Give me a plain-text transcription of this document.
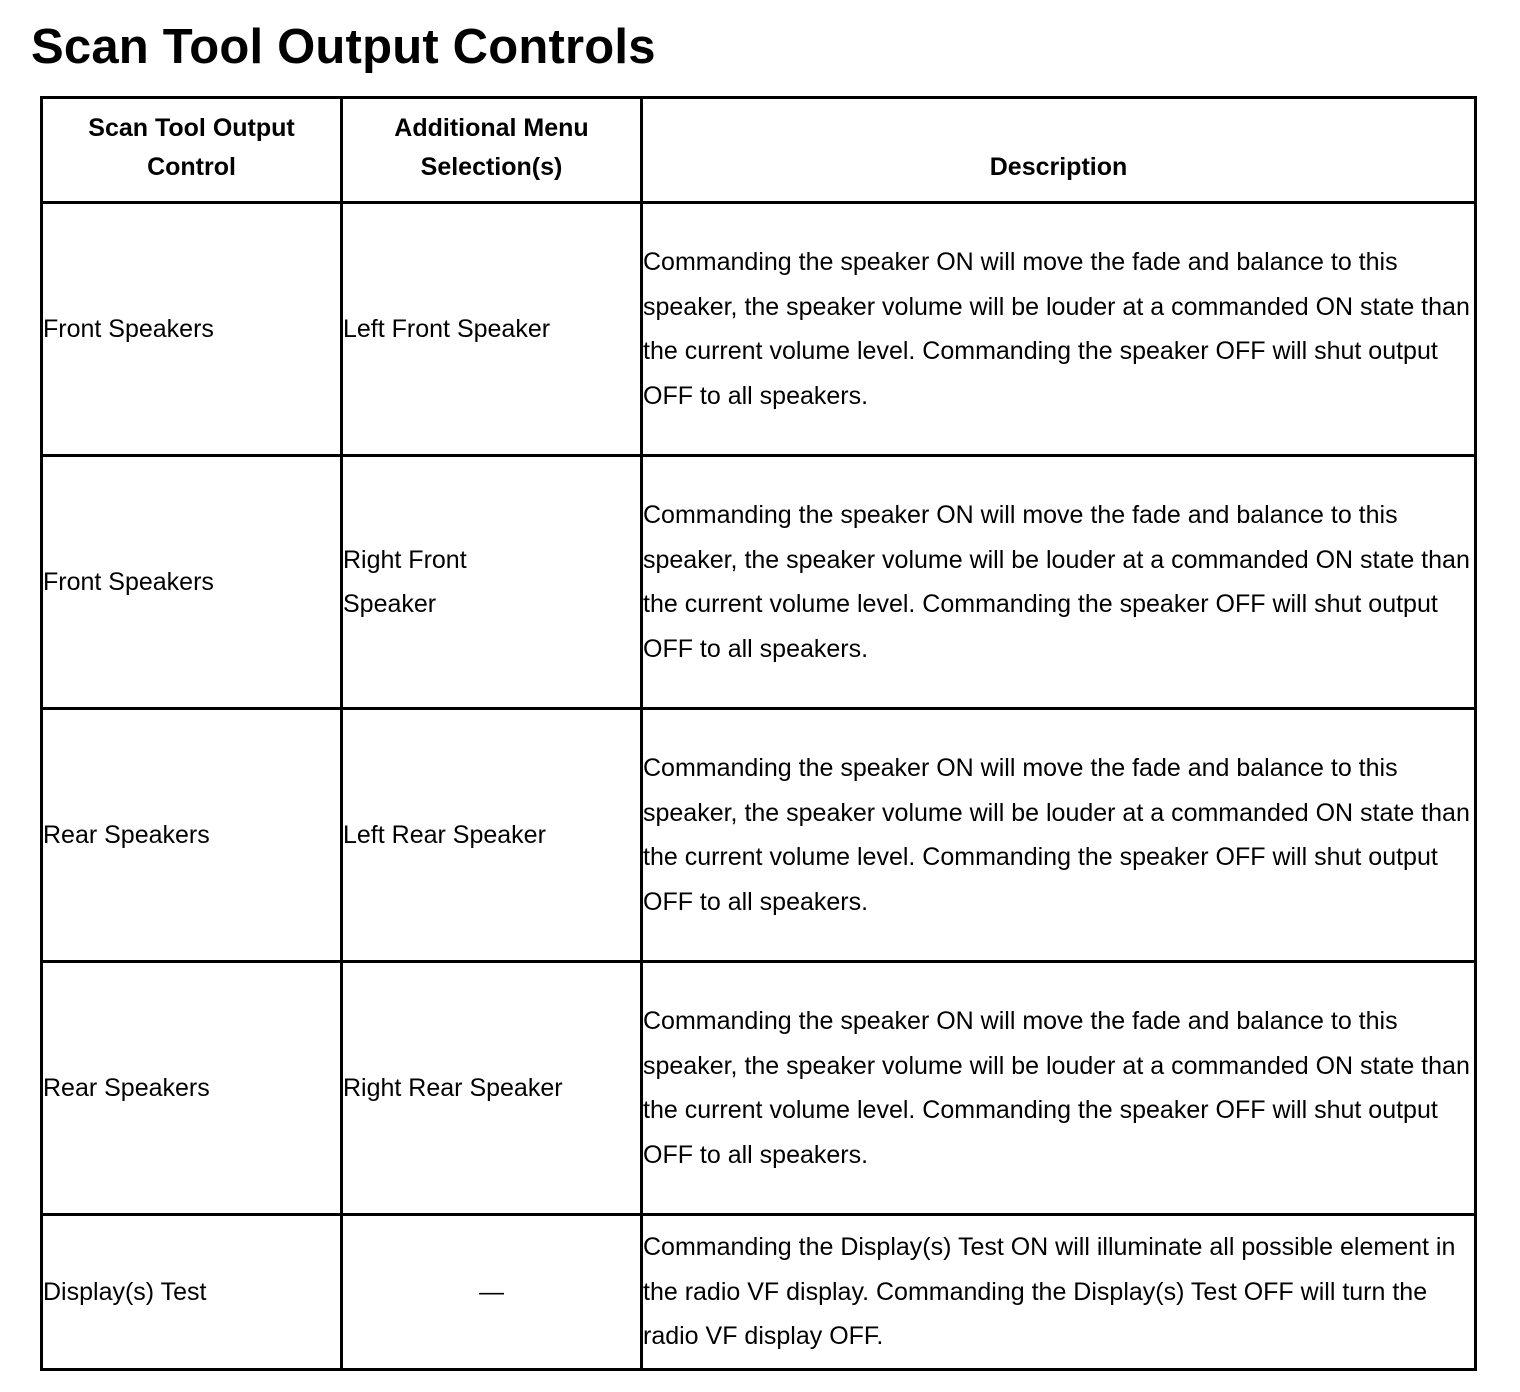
Scan Tool Output Controls
Scan Tool Output Control	Additional Menu Selection(s)	Description
Front Speakers	Left Front Speaker	Commanding the speaker ON will move the fade and balance to this speaker, the speaker volume will be louder at a commanded ON state than the current volume level. Commanding the speaker OFF will shut output OFF to all speakers.
Front Speakers	Right Front Speaker	Commanding the speaker ON will move the fade and balance to this speaker, the speaker volume will be louder at a commanded ON state than the current volume level. Commanding the speaker OFF will shut output OFF to all speakers.
Rear Speakers	Left Rear Speaker	Commanding the speaker ON will move the fade and balance to this speaker, the speaker volume will be louder at a commanded ON state than the current volume level. Commanding the speaker OFF will shut output OFF to all speakers.
Rear Speakers	Right Rear Speaker	Commanding the speaker ON will move the fade and balance to this speaker, the speaker volume will be louder at a commanded ON state than the current volume level. Commanding the speaker OFF will shut output OFF to all speakers.
Display(s) Test	—	Commanding the Display(s) Test ON will illuminate all possible element in the radio VF display. Commanding the Display(s) Test OFF will turn the radio VF display OFF.
